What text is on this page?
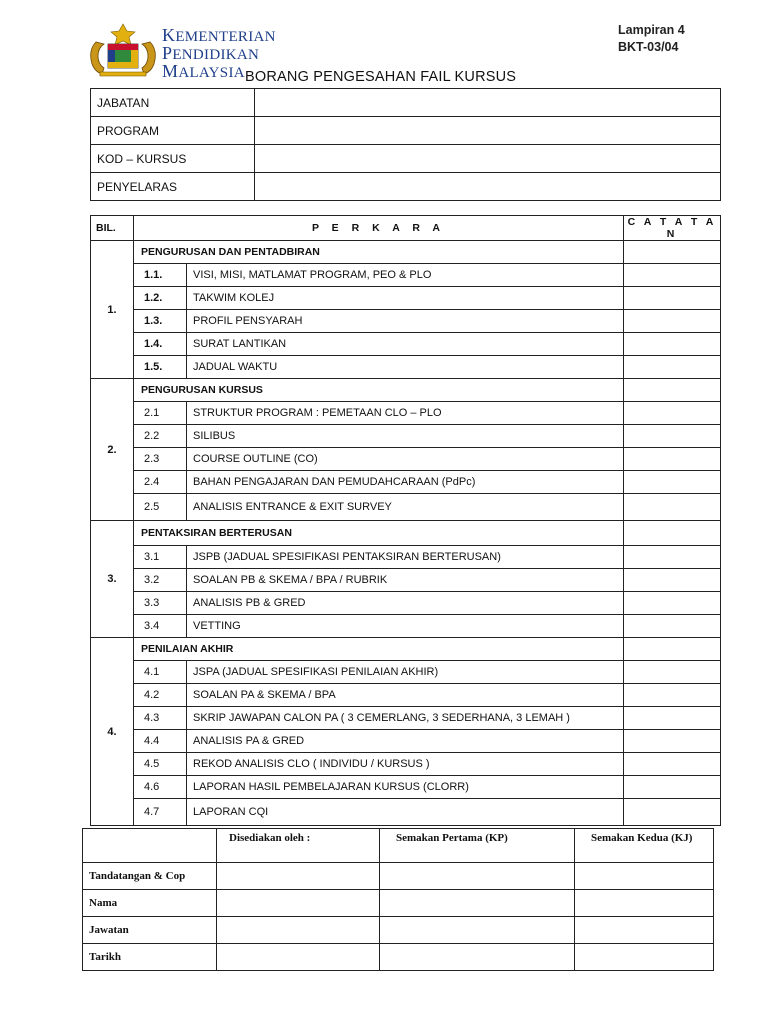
KEMENTERIAN
PENDIDIKAN
MALAYSIA
Lampiran 4
BKT-03/04
BORANG PENGESAHAN FAIL KURSUS
JABATAN	
PROGRAM	
KOD – KURSUS	
PENYELARAS	
BIL.	P E R K A R A		C A T A T A N
1.	PENGURUSAN DAN PENTADBIRAN		
	1.1.	VISI, MISI, MATLAMAT PROGRAM, PEO & PLO	
	1.2.	TAKWIM KOLEJ	
	1.3.	PROFIL PENSYARAH	
	1.4.	SURAT LANTIKAN	
	1.5.	JADUAL WAKTU	
2.	PENGURUSAN KURSUS		
	2.1	STRUKTUR PROGRAM : PEMETAAN CLO – PLO	
	2.2	SILIBUS	
	2.3	COURSE OUTLINE (CO)	
	2.4	BAHAN PENGAJARAN DAN PEMUDAHCARAAN (PdPc)	
	2.5	ANALISIS ENTRANCE & EXIT SURVEY	
3.	PENTAKSIRAN BERTERUSAN		
	3.1	JSPB (JADUAL SPESIFIKASI PENTAKSIRAN BERTERUSAN)	
	3.2	SOALAN PB & SKEMA / BPA / RUBRIK	
	3.3	ANALISIS PB & GRED	
	3.4	VETTING	
4.	PENILAIAN AKHIR		
	4.1	JSPA (JADUAL SPESIFIKASI PENILAIAN AKHIR)	
	4.2	SOALAN PA & SKEMA / BPA	
	4.3	SKRIP JAWAPAN CALON PA ( 3 CEMERLANG, 3 SEDERHANA, 3 LEMAH )	
	4.4	ANALISIS PA & GRED	
	4.5	REKOD ANALISIS CLO ( INDIVIDU / KURSUS )	
	4.6	LAPORAN HASIL PEMBELAJARAN KURSUS (CLORR)	
	4.7	LAPORAN CQI	
	Disediakan oleh :	Semakan Pertama (KP)	Semakan Kedua (KJ)
Tandatangan & Cop			
Nama			
Jawatan			
Tarikh			
